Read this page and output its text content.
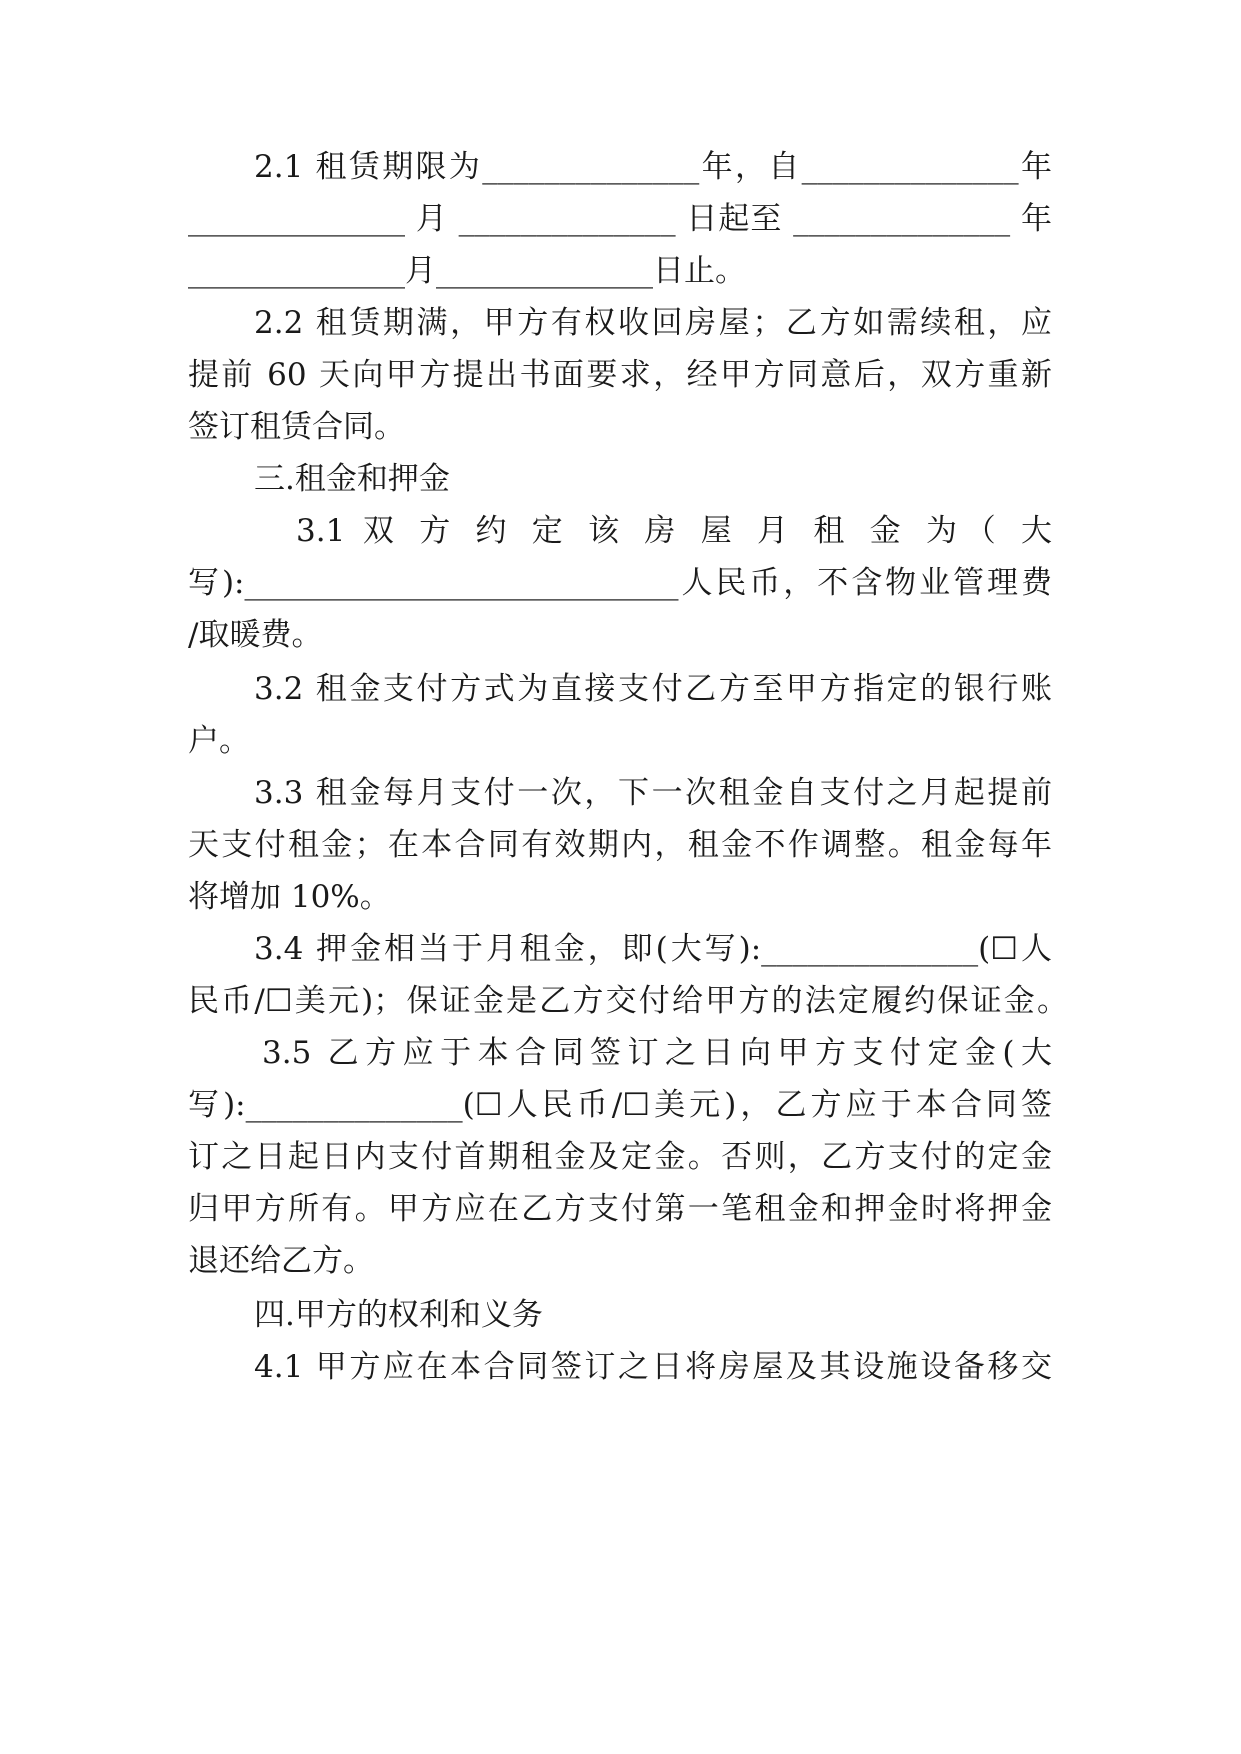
2.1 租赁期限为______________年，自______________年
______________ 月 ______________ 日起至 ______________ 年
______________月______________日止。
2.2 租赁期满，甲方有权收回房屋；乙方如需续租，应
提前 60 天向甲方提出书面要求，经甲方同意后，双方重新
签订租赁合同。
三.租金和押金
3.1 双 方 约 定 该 房 屋 月 租 金 为（ 大
写):____________________________人民币，不含物业管理费
/取暖费。
3.2 租金支付方式为直接支付乙方至甲方指定的银行账
户。
3.3 租金每月支付一次，下一次租金自支付之月起提前
天支付租金；在本合同有效期内，租金不作调整。租金每年
将增加 10%。
3.4 押金相当于月租金，即(大写):______________(☐人
民币/☐美元)；保证金是乙方交付给甲方的法定履约保证金。
3.5 乙方应于本合同签订之日向甲方支付定金(大
写):______________(☐人民币/☐美元)，乙方应于本合同签
订之日起日内支付首期租金及定金。否则，乙方支付的定金
归甲方所有。甲方应在乙方支付第一笔租金和押金时将押金
退还给乙方。
四.甲方的权利和义务
4.1 甲方应在本合同签订之日将房屋及其设施设备移交
